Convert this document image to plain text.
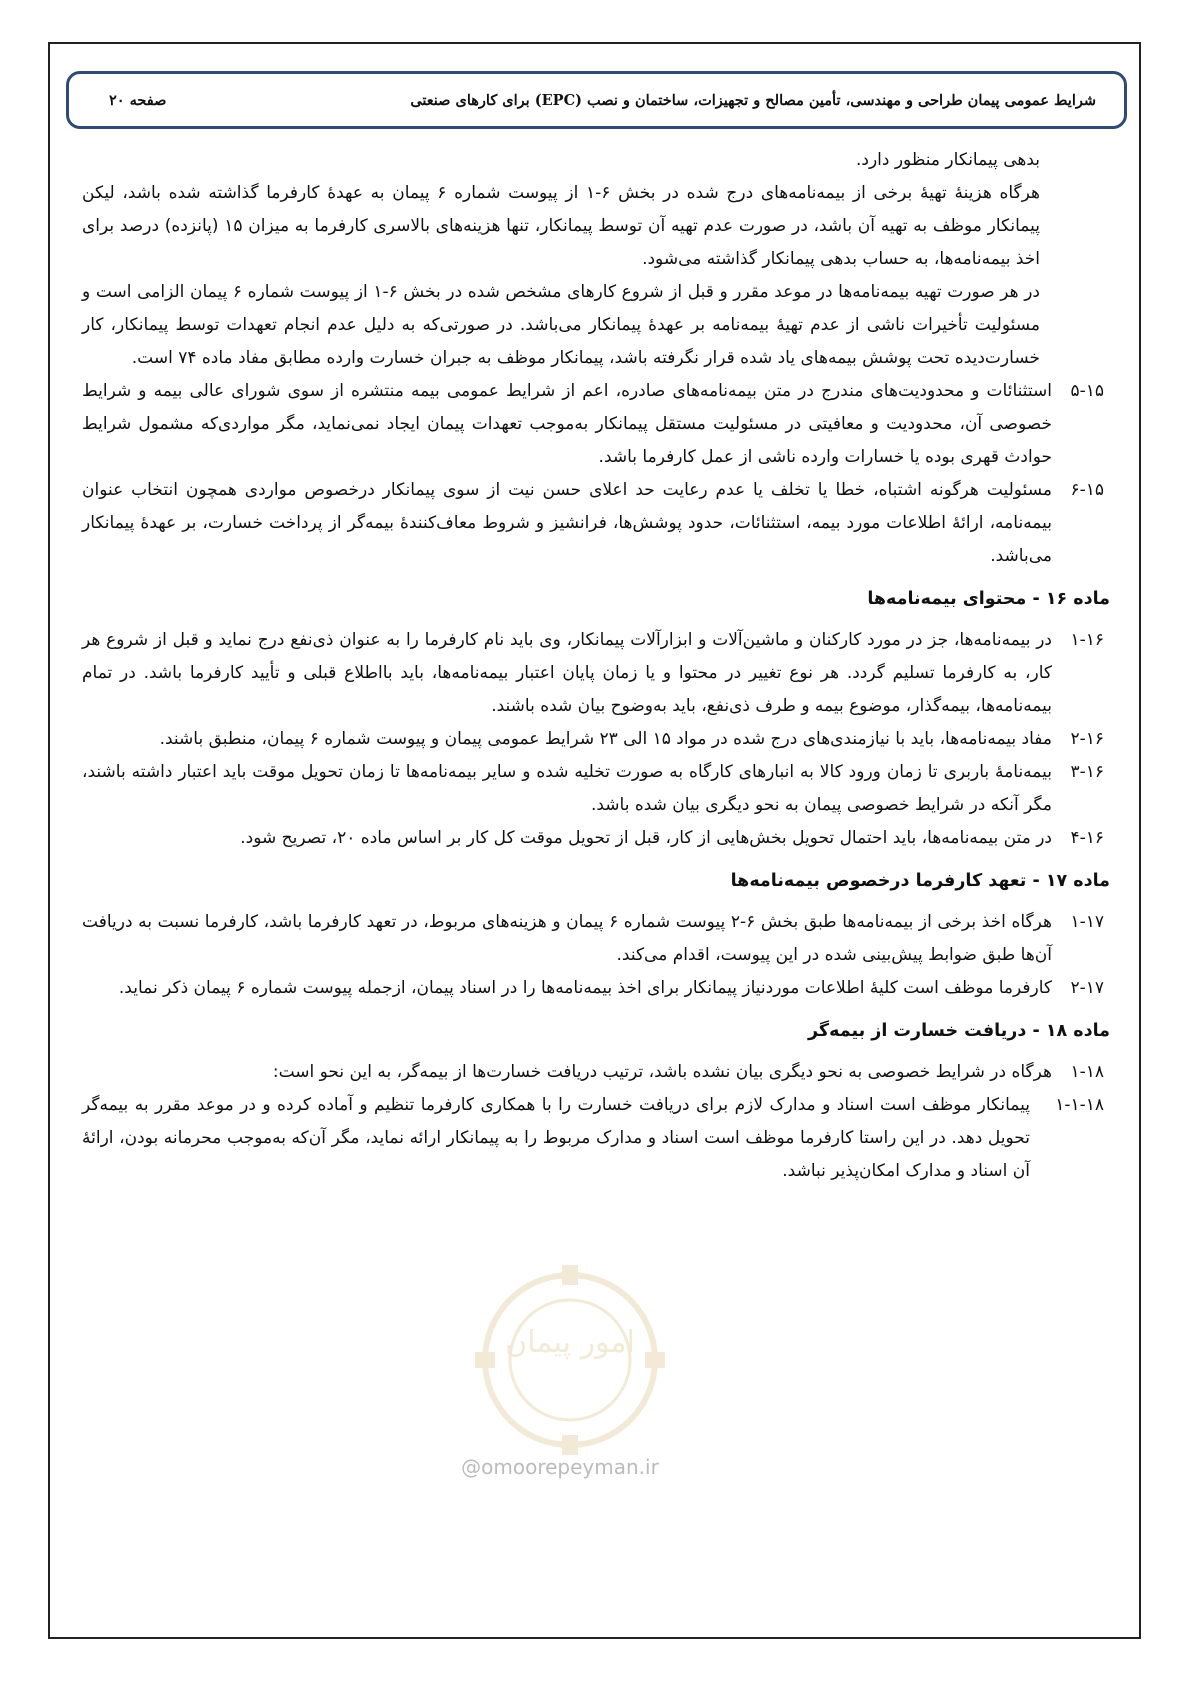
شرایط عمومی پیمان طراحی و مهندسی، تأمین مصالح و تجهیزات، ساختمان و نصب (EPC) برای کارهای صنعتی
صفحه ۲۰
امور پیمان
@omoorepeyman.ir

بدهی پیمانکار منظور دارد.

هرگاه هزینهٔ تهیهٔ برخی از بیمه‌نامه‌های درج شده در بخش ۶-۱ از پیوست شماره ۶ پیمان به عهدهٔ کارفرما گذاشته شده باشد، لیکن پیمانکار موظف به تهیه آن باشد، در صورت عدم تهیه آن توسط پیمانکار، تنها هزینه‌های بالاسری کارفرما به میزان ۱۵ (پانزده) درصد برای اخذ بیمه‌نامه‌ها، به حساب بدهی پیمانکار گذاشته می‌شود.

در هر صورت تهیه بیمه‌نامه‌ها در موعد مقرر و قبل از شروع کارهای مشخص شده در بخش ۶-۱ از پیوست شماره ۶ پیمان الزامی است و مسئولیت تأخیرات ناشی از عدم تهیهٔ بیمه‌نامه بر عهدهٔ پیمانکار می‌باشد. در صورتی‌که به دلیل عدم انجام تعهدات توسط پیمانکار، کار خسارت‌دیده تحت پوشش بیمه‌های یاد شده قرار نگرفته باشد، پیمانکار موظف به جبران خسارت وارده مطابق مفاد ماده ۷۴ است.

۵-۱۵
استثنائات و محدودیت‌های مندرج در متن بیمه‌نامه‌های صادره، اعم از شرایط عمومی بیمه منتشره از سوی شورای عالی بیمه و شرایط خصوصی آن، محدودیت و معافیتی در مسئولیت مستقل پیمانکار به‌موجب تعهدات پیمان ایجاد نمی‌نماید، مگر مواردی‌که مشمول شرایط حوادث قهری بوده یا خسارات وارده ناشی از عمل کارفرما باشد.
۶-۱۵
مسئولیت هرگونه اشتباه، خطا یا تخلف یا عدم رعایت حد اعلای حسن نیت از سوی پیمانکار درخصوص مواردی همچون انتخاب عنوان بیمه‌نامه، ارائهٔ اطلاعات مورد بیمه، استثنائات، حدود پوشش‌ها، فرانشیز و شروط معاف‌کنندهٔ بیمه‌گر از پرداخت خسارت، بر عهدهٔ پیمانکار می‌باشد.
ماده ۱۶ - محتوای بیمه‌نامه‌ها
۱-۱۶
در بیمه‌نامه‌ها، جز در مورد کارکنان و ماشین‌آلات و ابزارآلات پیمانکار، وی باید نام کارفرما را به عنوان ذی‌نفع درج نماید و قبل از شروع هر کار، به کارفرما تسلیم گردد. هر نوع تغییر در محتوا و یا زمان پایان اعتبار بیمه‌نامه‌ها، باید بااطلاع قبلی و تأیید کارفرما باشد. در تمام بیمه‌نامه‌ها، بیمه‌گذار، موضوع بیمه و طرف ذی‌نفع، باید به‌وضوح بیان شده باشند.
۲-۱۶
مفاد بیمه‌نامه‌ها، باید با نیازمندی‌های درج شده در مواد ۱۵ الی ۲۳ شرایط عمومی پیمان و پیوست شماره ۶ پیمان، منطبق باشند.
۳-۱۶
بیمه‌نامهٔ باربری تا زمان ورود کالا به انبارهای کارگاه به صورت تخلیه شده و سایر بیمه‌نامه‌ها تا زمان تحویل موقت باید اعتبار داشته باشند، مگر آنکه در شرایط خصوصی پیمان به نحو دیگری بیان شده باشد.
۴-۱۶
در متن بیمه‌نامه‌ها، باید احتمال تحویل بخش‌هایی از کار، قبل از تحویل موقت کل کار بر اساس ماده ۲۰، تصریح شود.
ماده ۱۷ - تعهد کارفرما درخصوص بیمه‌نامه‌ها
۱-۱۷
هرگاه اخذ برخی از بیمه‌نامه‌ها طبق بخش ۶-۲ پیوست شماره ۶ پیمان و هزینه‌های مربوط، در تعهد کارفرما باشد، کارفرما نسبت به دریافت آن‌ها طبق ضوابط پیش‌بینی شده در این پیوست، اقدام می‌کند.
۲-۱۷
کارفرما موظف است کلیهٔ اطلاعات موردنیاز پیمانکار برای اخذ بیمه‌نامه‌ها را در اسناد پیمان، ازجمله پیوست شماره ۶ پیمان ذکر نماید.
ماده ۱۸ - دریافت خسارت از بیمه‌گر
۱-۱۸
هرگاه در شرایط خصوصی به نحو دیگری بیان نشده باشد، ترتیب دریافت خسارت‌ها از بیمه‌گر، به این نحو است:
۱-۱-۱۸
پیمانکار موظف است اسناد و مدارک لازم برای دریافت خسارت را با همکاری کارفرما تنظیم و آماده کرده و در موعد مقرر به بیمه‌گر تحویل دهد. در این راستا کارفرما موظف است اسناد و مدارک مربوط را به پیمانکار ارائه نماید، مگر آن‌که به‌موجب محرمانه بودن، ارائهٔ آن اسناد و مدارک امکان‌پذیر نباشد.
